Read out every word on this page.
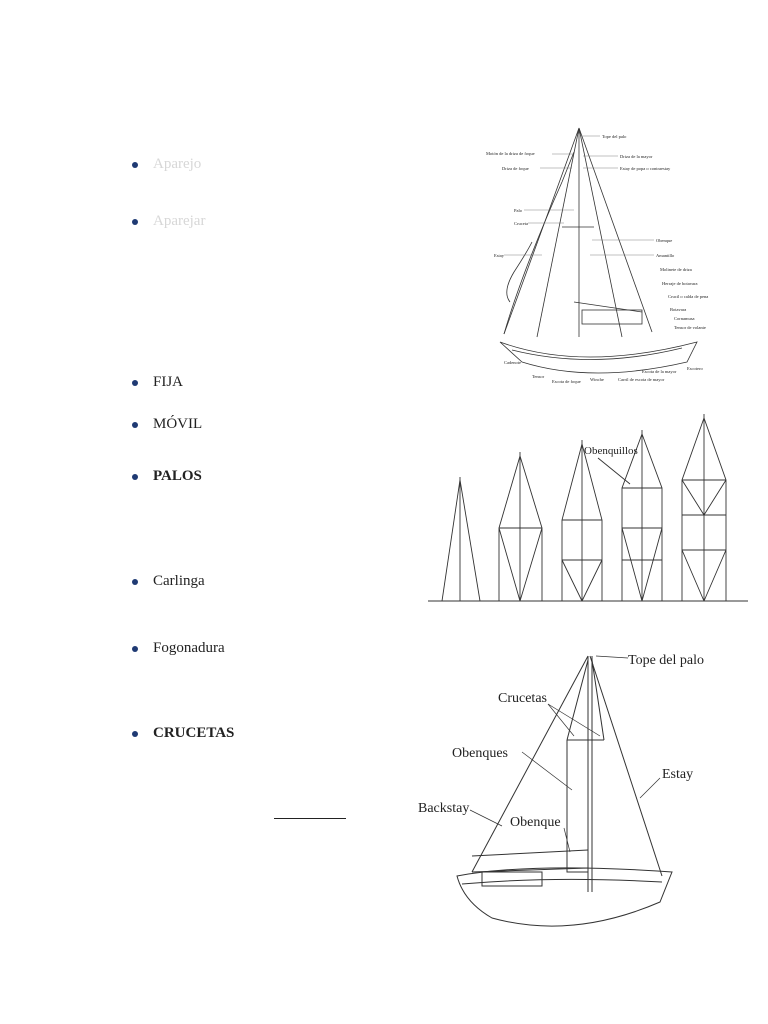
Aparejo
Aparejar
FIJA
MÓVIL
PALOS
Carlinga
Fogonadura
CRUCETAS
Tope del palo
Driza de la mayor
Estay de popa o contraestay
Obenque
Amantillo
Molinete de driza
Herraje de botavara
Crucil o calda de pena
Botavara
Cornamusa
Tensor de volante
Escotero
Motón de la driza de foque
Driza de foque
Palo
Cruceta
Estay
Cadenote
Tensor
Escota de foque Winche	Carril de escota de mayor
Escota de la mayor
Obenquillos
Tope del palo
Crucetas
Obenques
Estay
Backstay
Obenque
